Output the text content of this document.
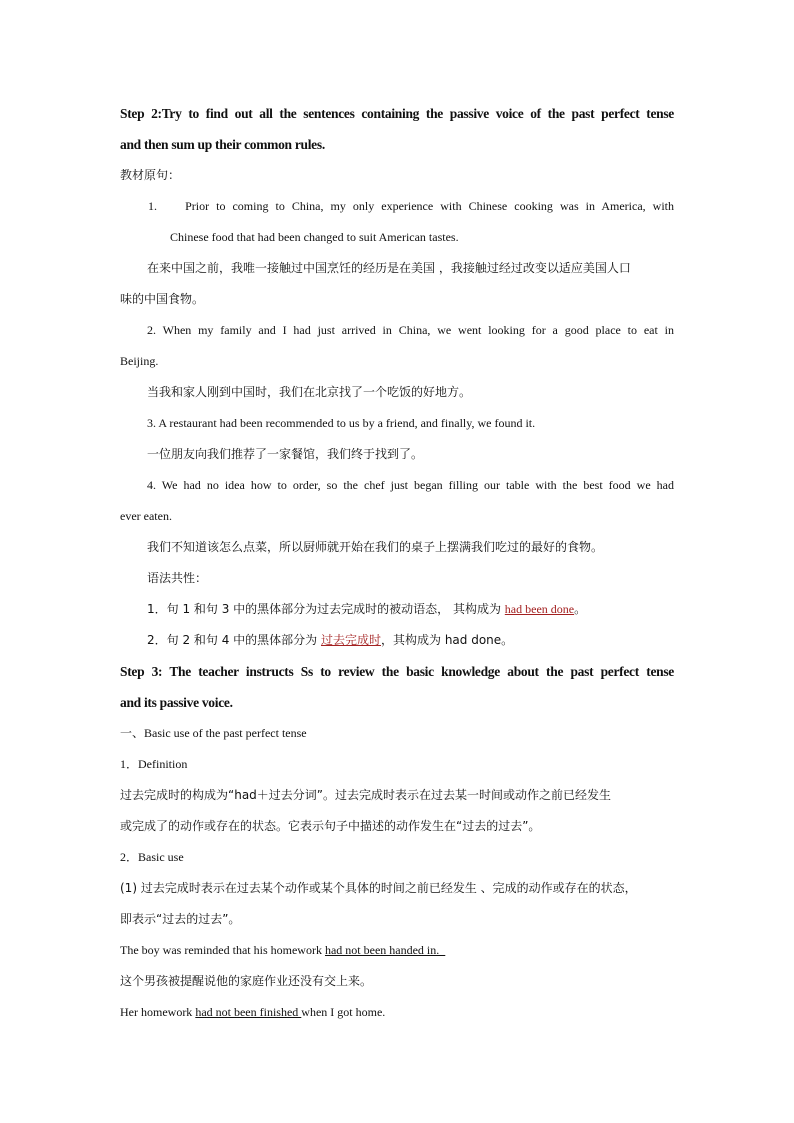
Step 2:Try to find out all the sentences containing the passive voice of the past perfect tense

and then sum up their common rules.

教材原句：

1. Prior to coming to China, my only experience with Chinese cooking was in America, with

Chinese food that had been changed to suit American tastes.

在来中国之前，我唯一接触过中国烹饪的经历是在美国 ，我接触过经过改变以适应美国人口

味的中国食物。

2. When my family and I had just arrived in China, we went looking for a good place to eat in

Beijing.

当我和家人刚到中国时，我们在北京找了一个吃饭的好地方。

3. A restaurant had been recommended to us by a friend, and finally, we found it.

一位朋友向我们推荐了一家餐馆，我们终于找到了。

4. We had no idea how to order, so the chef just began filling our table with the best food we had

ever eaten.

我们不知道该怎么点菜，所以厨师就开始在我们的桌子上摆满我们吃过的最好的食物。

语法共性：

1．句 1 和句 3 中的黑体部分为过去完成时的被动语态， 其构成为 had been done。

2．句 2 和句 4 中的黑体部分为 过去完成时，其构成为 had done。

Step 3: The teacher instructs Ss to review the basic knowledge about the past perfect tense

and its passive voice.

一、Basic use of the past perfect tense

1．Definition

过去完成时的构成为“had＋过去分词”。过去完成时表示在过去某一时间或动作之前已经发生

或完成了的动作或存在的状态。它表示句子中描述的动作发生在“过去的过去”。

2．Basic use

(1) 过去完成时表示在过去某个动作或某个具体的时间之前已经发生 、完成的动作或存在的状态，

即表示“过去的过去”。

The boy was reminded that his homework had not been handed in.

这个男孩被提醒说他的家庭作业还没有交上来。

Her homework had not been finished when I got home.
